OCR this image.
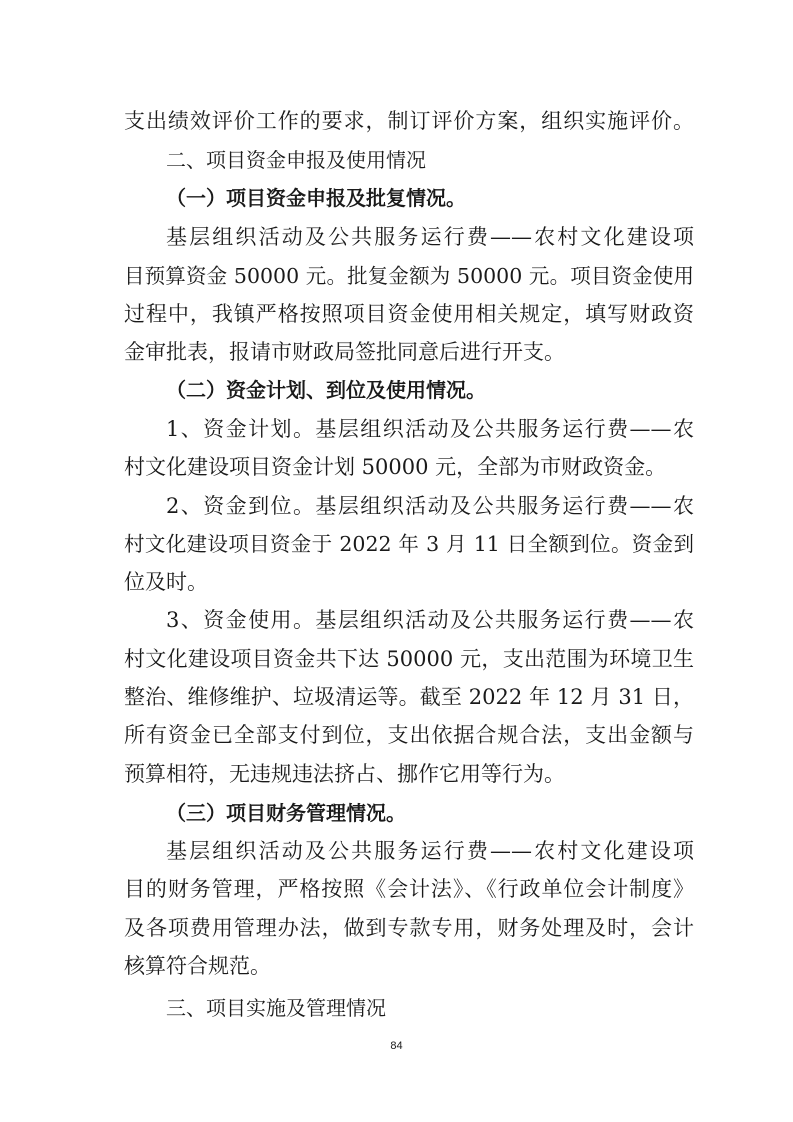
支出绩效评价工作的要求，制订评价方案，组织实施评价。

二、项目资金申报及使用情况

（一）项目资金申报及批复情况。

基层组织活动及公共服务运行费——农村文化建设项

目预算资金 50000 元。批复金额为 50000 元。项目资金使用

过程中，我镇严格按照项目资金使用相关规定，填写财政资

金审批表，报请市财政局签批同意后进行开支。

（二）资金计划、到位及使用情况。

1、资金计划。基层组织活动及公共服务运行费——农

村文化建设项目资金计划 50000 元，全部为市财政资金。

2、资金到位。基层组织活动及公共服务运行费——农

村文化建设项目资金于 2022 年 3 月 11 日全额到位。资金到

位及时。

3、资金使用。基层组织活动及公共服务运行费——农

村文化建设项目资金共下达 50000 元，支出范围为环境卫生

整治、维修维护、垃圾清运等。截至 2022 年 12 月 31 日，

所有资金已全部支付到位，支出依据合规合法，支出金额与

预算相符，无违规违法挤占、挪作它用等行为。

（三）项目财务管理情况。

基层组织活动及公共服务运行费——农村文化建设项

目的财务管理，严格按照《会计法》、《行政单位会计制度》

及各项费用管理办法，做到专款专用，财务处理及时，会计

核算符合规范。

三、项目实施及管理情况

84
